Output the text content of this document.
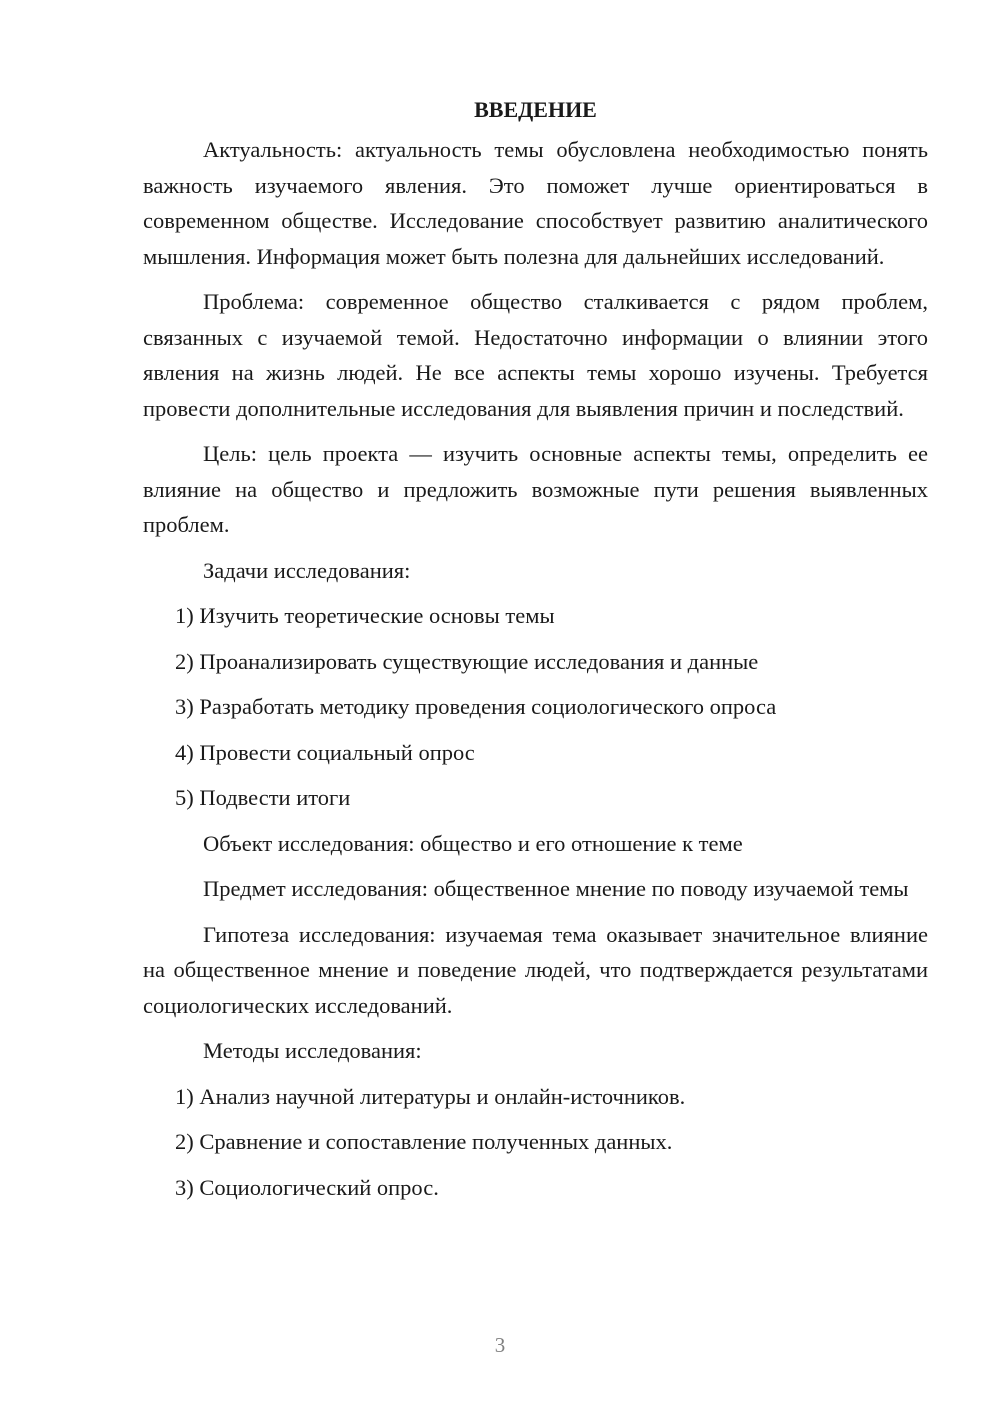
ВВЕДЕНИЕ

Актуальность: актуальность темы обусловлена необходимостью понять важность изучаемого явления. Это поможет лучше ориентироваться в современном обществе. Исследование способствует развитию аналитического мышления. Информация может быть полезна для дальнейших исследований.

Проблема: современное общество сталкивается с рядом проблем, связанных с изучаемой темой. Недостаточно информации о влиянии этого явления на жизнь людей. Не все аспекты темы хорошо изучены. Требуется провести дополнительные исследования для выявления причин и последствий.

Цель: цель проекта — изучить основные аспекты темы, определить ее влияние на общество и предложить возможные пути решения выявленных проблем.

Задачи исследования:
1) Изучить теоретические основы темы
2) Проанализировать существующие исследования и данные
3) Разработать методику проведения социологического опроса
4) Провести социальный опрос
5) Подвести итоги
Объект исследования: общество и его отношение к теме

Предмет исследования: общественное мнение по поводу изучаемой темы

Гипотеза исследования: изучаемая тема оказывает значительное влияние на общественное мнение и поведение людей, что подтверждается результатами социологических исследований.

Методы исследования:
1) Анализ научной литературы и онлайн-источников.
2) Сравнение и сопоставление полученных данных.
3) Социологический опрос.
3
